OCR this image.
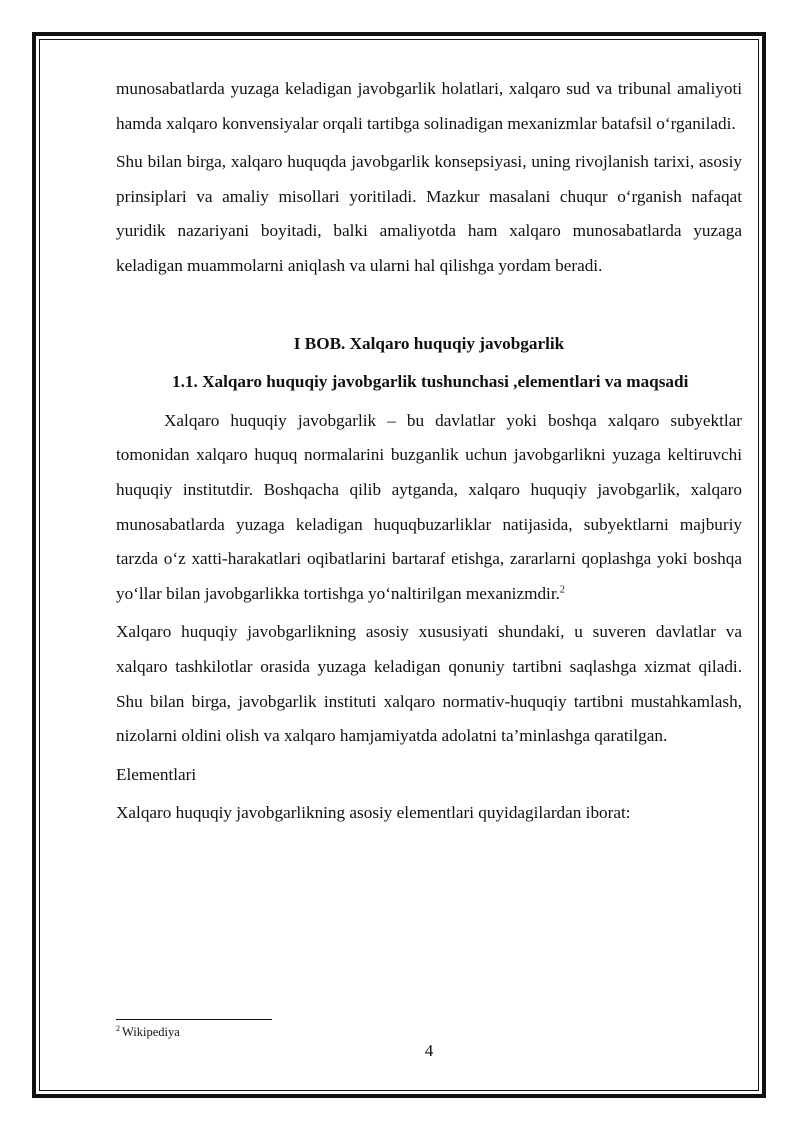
munosabatlarda yuzaga keladigan javobgarlik holatlari, xalqaro sud va tribunal amaliyoti hamda xalqaro konvensiyalar orqali tartibga solinadigan mexanizmlar batafsil o‘rganiladi.

Shu bilan birga, xalqaro huquqda javobgarlik konsepsiyasi, uning rivojlanish tarixi, asosiy prinsiplari va amaliy misollari yoritiladi. Mazkur masalani chuqur o‘rganish nafaqat yuridik nazariyani boyitadi, balki amaliyotda ham xalqaro munosabatlarda yuzaga keladigan muammolarni aniqlash va ularni hal qilishga yordam beradi.

I BOB. Xalqaro huquqiy javobgarlik

1.1. Xalqaro huquqiy javobgarlik tushunchasi ,elementlari va maqsadi

Xalqaro huquqiy javobgarlik – bu davlatlar yoki boshqa xalqaro subyektlar tomonidan xalqaro huquq normalarini buzganlik uchun javobgarlikni yuzaga keltiruvchi huquqiy institutdir. Boshqacha qilib aytganda, xalqaro huquqiy javobgarlik, xalqaro munosabatlarda yuzaga keladigan huquqbuzarliklar natijasida, subyektlarni majburiy tarzda o‘z xatti-harakatlari oqibatlarini bartaraf etishga, zararlarni qoplashga yoki boshqa yo‘llar bilan javobgarlikka tortishga yo‘naltirilgan mexanizmdir.$^2$

Xalqaro huquqiy javobgarlikning asosiy xususiyati shundaki, u suveren davlatlar va xalqaro tashkilotlar orasida yuzaga keladigan qonuniy tartibni saqlashga xizmat qiladi. Shu bilan birga, javobgarlik instituti xalqaro normativ-huquqiy tartibni mustahkamlash, nizolarni oldini olish va xalqaro hamjamiyatda adolatni ta’minlashga qaratilgan.

Elementlari

Xalqaro huquqiy javobgarlikning asosiy elementlari quyidagilardan iborat:

$^2$ Wikipediya
4
